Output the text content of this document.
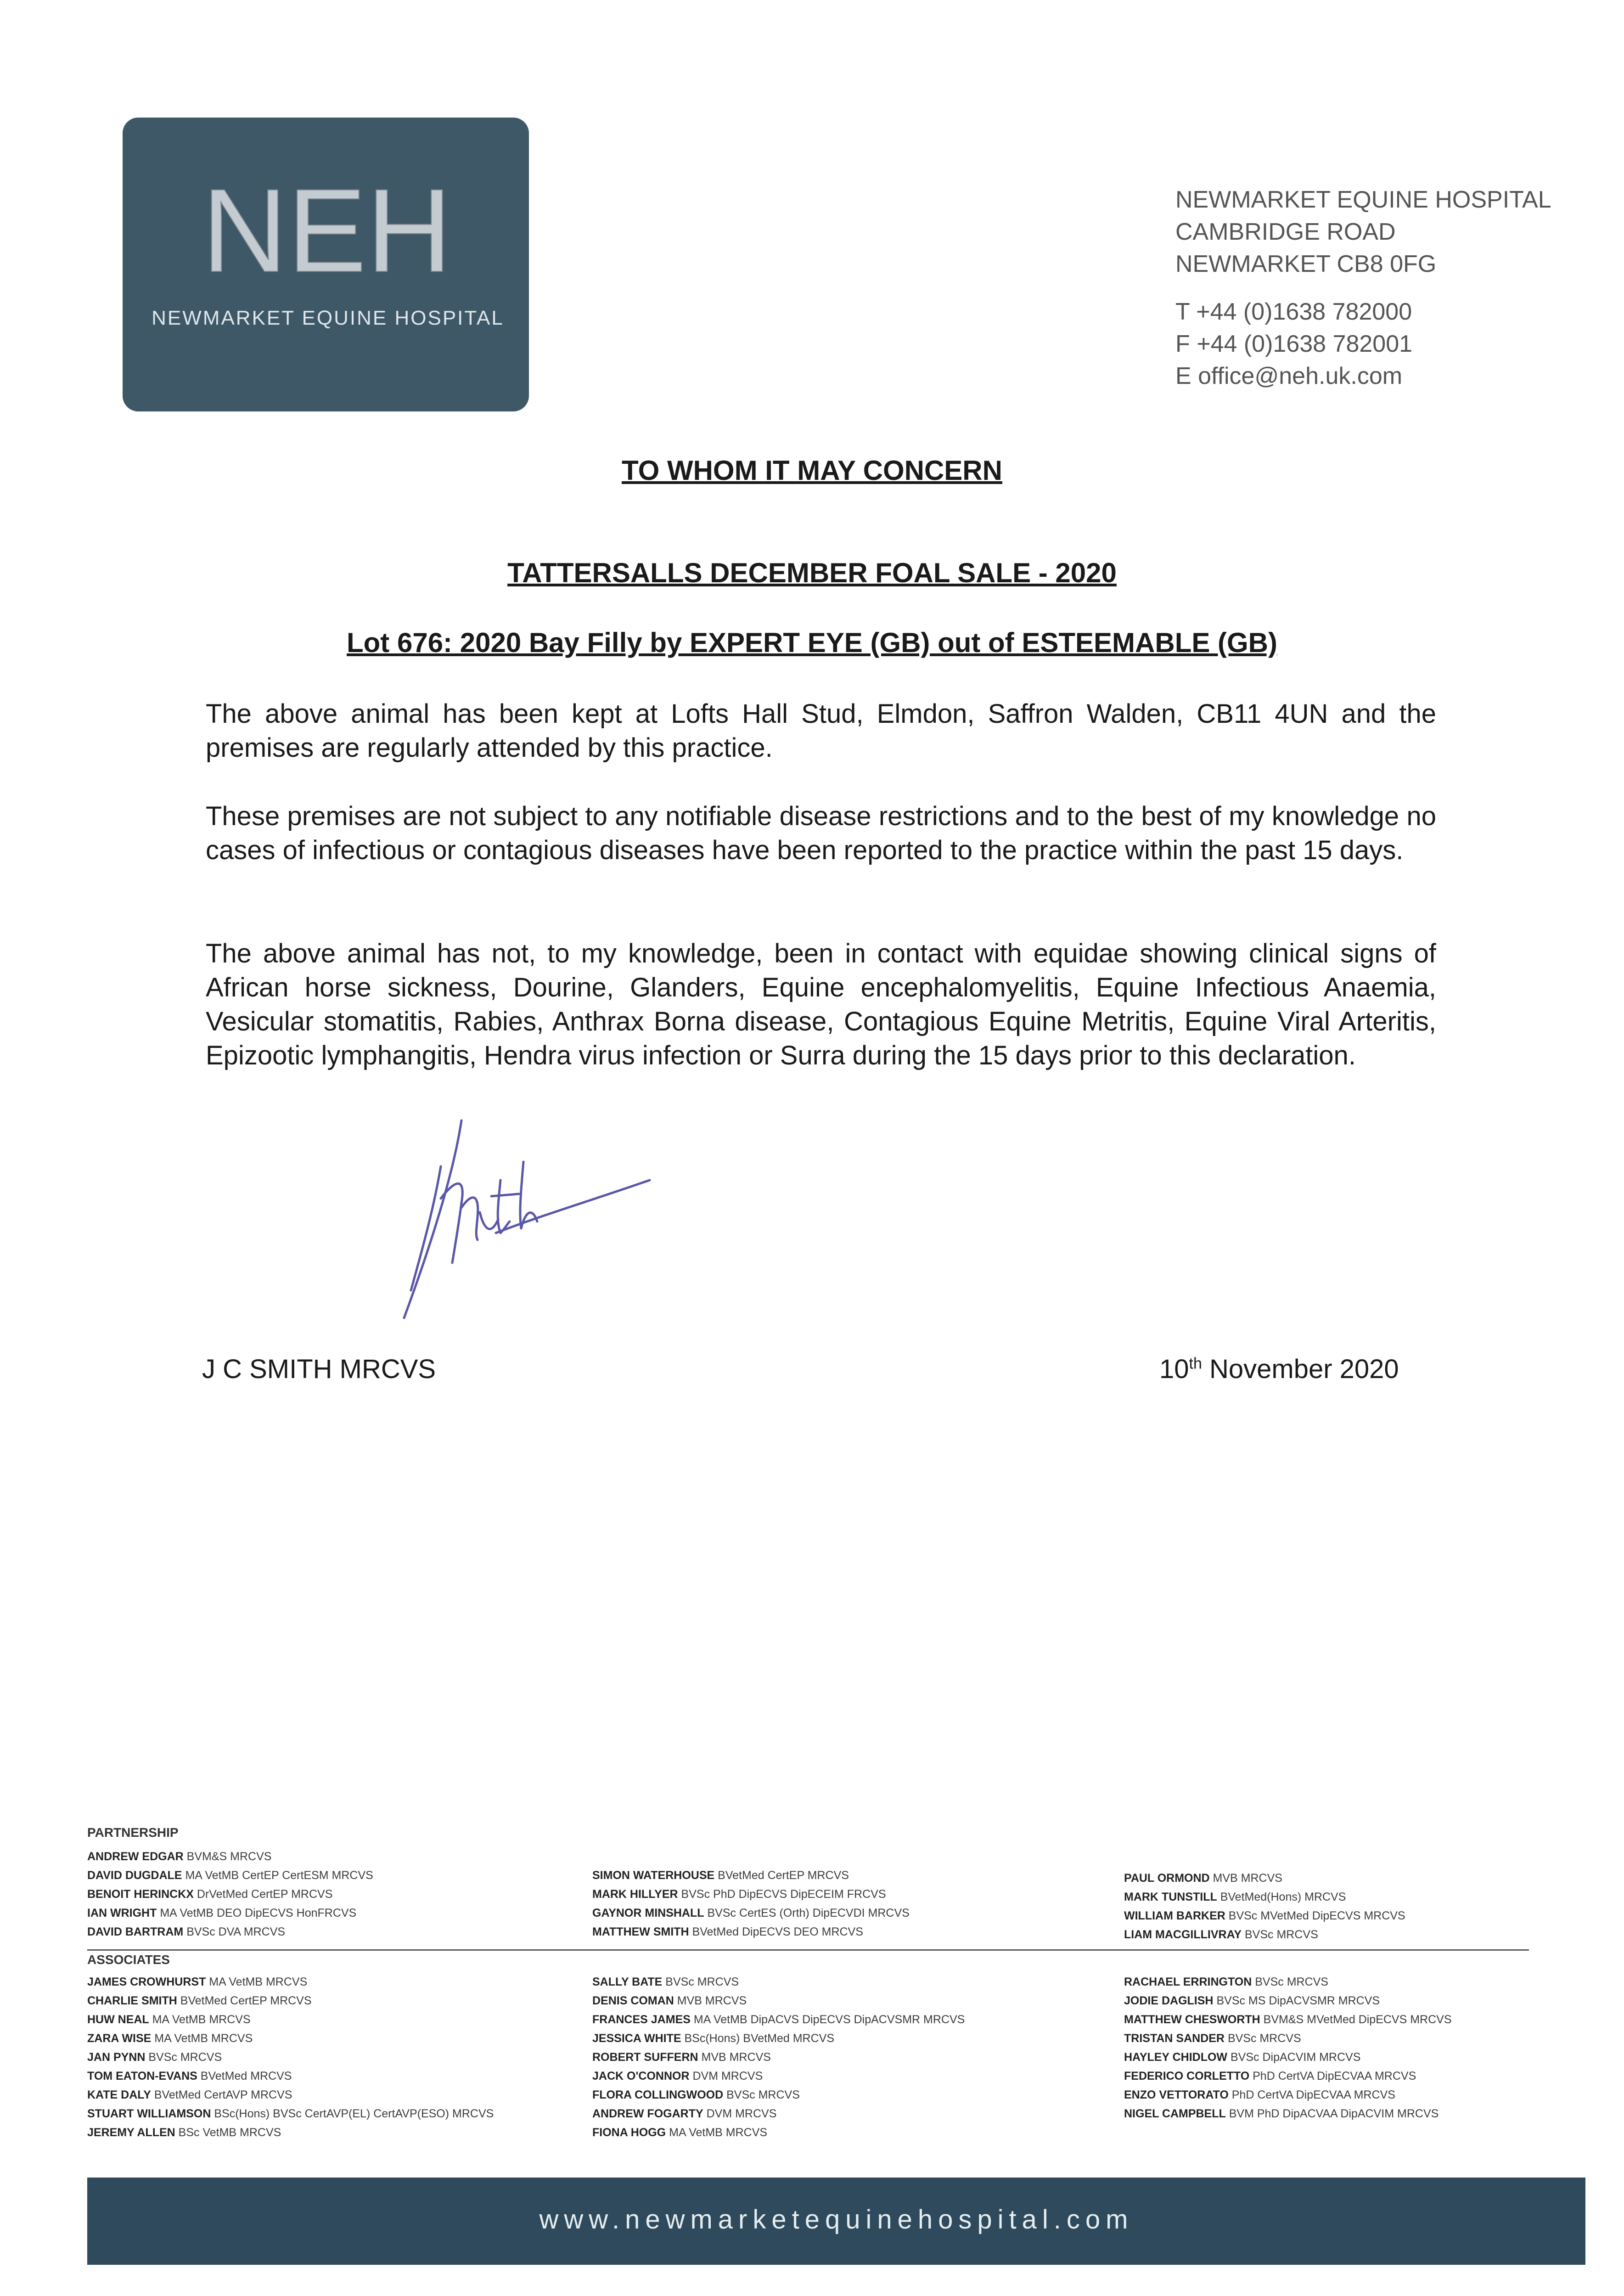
NEH
NEWMARKET EQUINE HOSPITAL
NEWMARKET EQUINE HOSPITAL
CAMBRIDGE ROAD
NEWMARKET CB8 0FG
T +44 (0)1638 782000
F +44 (0)1638 782001
E office@neh.uk.com
TO WHOM IT MAY CONCERN
TATTERSALLS DECEMBER FOAL SALE - 2020
Lot 676: 2020 Bay Filly by EXPERT EYE (GB) out of ESTEEMABLE (GB)
The above animal has been kept at Lofts Hall Stud, Elmdon, Saffron Walden, CB11 4UN and the premises are regularly attended by this practice.
These premises are not subject to any notifiable disease restrictions and to the best of my knowledge no cases of infectious or contagious diseases have been reported to the practice within the past 15 days.
The above animal has not, to my knowledge, been in contact with equidae showing clinical signs of African horse sickness, Dourine, Glanders, Equine encephalomyelitis, Equine Infectious Anaemia, Vesicular stomatitis, Rabies, Anthrax Borna disease, Contagious Equine Metritis, Equine Viral Arteritis, Epizootic lymphangitis, Hendra virus infection or Surra during the 15 days prior to this declaration.
J C SMITH MRCVS	10th November 2020
PARTNERSHIP
ANDREW EDGAR BVM&S MRCVS
DAVID DUGDALE MA VetMB CertEP CertESM MRCVS
BENOIT HERINCKX DrVetMed CertEP MRCVS
IAN WRIGHT MA VetMB DEO DipECVS HonFRCVS
DAVID BARTRAM BVSc DVA MRCVS
SIMON WATERHOUSE BVetMed CertEP MRCVS
MARK HILLYER BVSc PhD DipECVS DipECEIM FRCVS
GAYNOR MINSHALL BVSc CertES (Orth) DipECVDI MRCVS
MATTHEW SMITH BVetMed DipECVS DEO MRCVS
PAUL ORMOND MVB MRCVS
MARK TUNSTILL BVetMed(Hons) MRCVS
WILLIAM BARKER BVSc MVetMed DipECVS MRCVS
LIAM MACGILLIVRAY BVSc MRCVS
ASSOCIATES
JAMES CROWHURST MA VetMB MRCVS
CHARLIE SMITH BVetMed CertEP MRCVS
HUW NEAL MA VetMB MRCVS
ZARA WISE MA VetMB MRCVS
JAN PYNN BVSc MRCVS
TOM EATON-EVANS BVetMed MRCVS
KATE DALY BVetMed CertAVP MRCVS
STUART WILLIAMSON BSc(Hons) BVSc CertAVP(EL) CertAVP(ESO) MRCVS
JEREMY ALLEN BSc VetMB MRCVS
SALLY BATE BVSc MRCVS
DENIS COMAN MVB MRCVS
FRANCES JAMES MA VetMB DipACVS DipECVS DipACVSMR MRCVS
JESSICA WHITE BSc(Hons) BVetMed MRCVS
ROBERT SUFFERN MVB MRCVS
JACK O'CONNOR DVM MRCVS
FLORA COLLINGWOOD BVSc MRCVS
ANDREW FOGARTY DVM MRCVS
FIONA HOGG MA VetMB MRCVS
RACHAEL ERRINGTON BVSc MRCVS
JODIE DAGLISH BVSc MS DipACVSMR MRCVS
MATTHEW CHESWORTH BVM&S MVetMed DipECVS MRCVS
TRISTAN SANDER BVSc MRCVS
HAYLEY CHIDLOW BVSc DipACVIM MRCVS
FEDERICO CORLETTO PhD CertVA DipECVAA MRCVS
ENZO VETTORATO PhD CertVA DipECVAA MRCVS
NIGEL CAMPBELL BVM PhD DipACVAA DipACVIM MRCVS
www.newmarketequinehospital.com
